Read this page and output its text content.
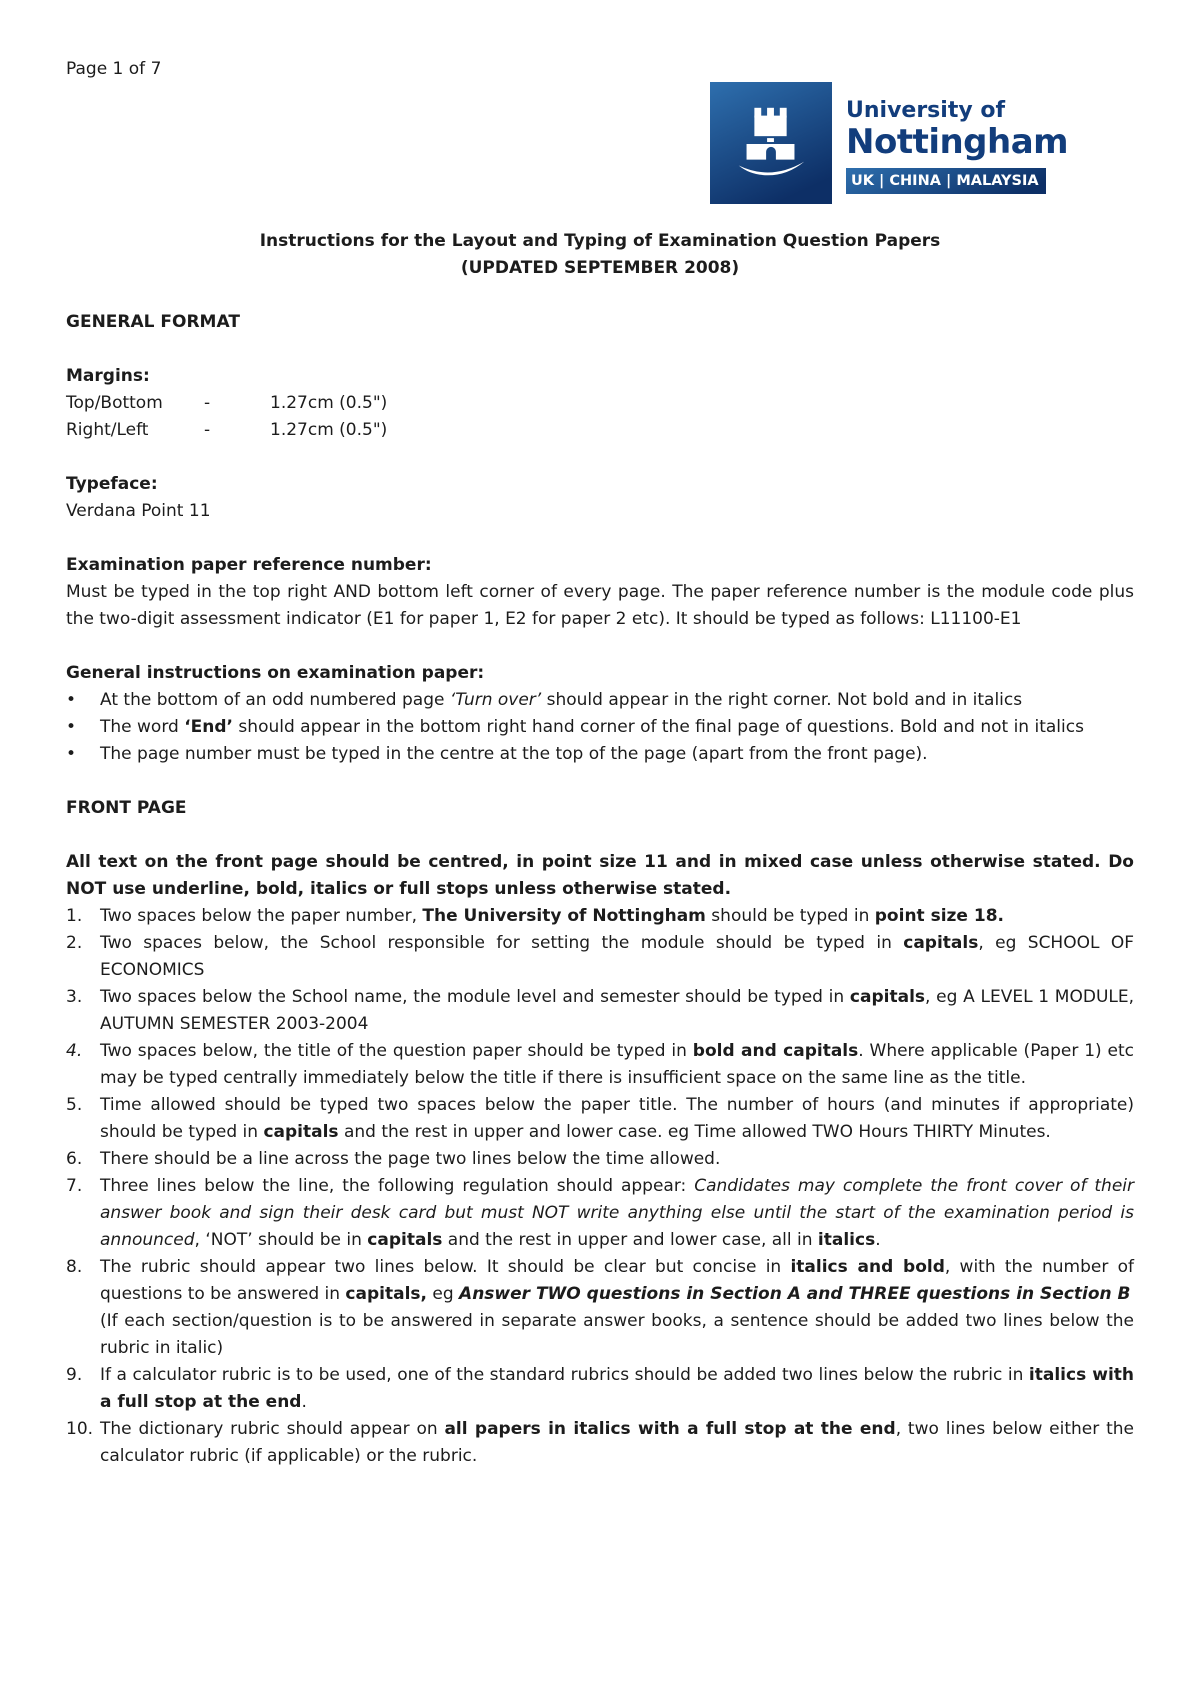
Page 1 of 7
University of
Nottingham
UK | CHINA | MALAYSIA
Instructions for the Layout and Typing of Examination Question Papers
(UPDATED SEPTEMBER 2008)
GENERAL FORMAT
Margins:
Top/Bottom	-	1.27cm (0.5")
Right/Left	-	1.27cm (0.5")
Typeface:
Verdana Point 11
Examination paper reference number:
Must be typed in the top right AND bottom left corner of every page. The paper reference number is the module code plus the two-digit assessment indicator (E1 for paper 1, E2 for paper 2 etc). It should be typed as follows: L11100-E1
General instructions on examination paper:
•	At the bottom of an odd numbered page ‘Turn over’ should appear in the right corner. Not bold and in italics
•	The word ‘End’ should appear in the bottom right hand corner of the final page of questions. Bold and not in italics
•	The page number must be typed in the centre at the top of the page (apart from the front page).
FRONT PAGE
All text on the front page should be centred, in point size 11 and in mixed case unless otherwise stated. Do NOT use underline, bold, italics or full stops unless otherwise stated.
1.	Two spaces below the paper number, The University of Nottingham should be typed in point size 18.
2.	Two spaces below, the School responsible for setting the module should be typed in capitals, eg SCHOOL OF ECONOMICS
3.	Two spaces below the School name, the module level and semester should be typed in capitals, eg A LEVEL 1 MODULE, AUTUMN SEMESTER 2003-2004
4.	Two spaces below, the title of the question paper should be typed in bold and capitals. Where applicable (Paper 1) etc may be typed centrally immediately below the title if there is insufficient space on the same line as the title.
5.	Time allowed should be typed two spaces below the paper title. The number of hours (and minutes if appropriate) should be typed in capitals and the rest in upper and lower case. eg Time allowed TWO Hours THIRTY Minutes.
6.	There should be a line across the page two lines below the time allowed.
7.	Three lines below the line, the following regulation should appear: Candidates may complete the front cover of their answer book and sign their desk card but must NOT write anything else until the start of the examination period is announced, ‘NOT’ should be in capitals and the rest in upper and lower case, all in italics.
8.	The rubric should appear two lines below. It should be clear but concise in italics and bold, with the number of questions to be answered in capitals, eg Answer TWO questions in Section A and THREE questions in Section B
(If each section/question is to be answered in separate answer books, a sentence should be added two lines below the rubric in italic)
9.	If a calculator rubric is to be used, one of the standard rubrics should be added two lines below the rubric in italics with a full stop at the end.
10. The dictionary rubric should appear on all papers in italics with a full stop at the end, two lines below either the calculator rubric (if applicable) or the rubric.
